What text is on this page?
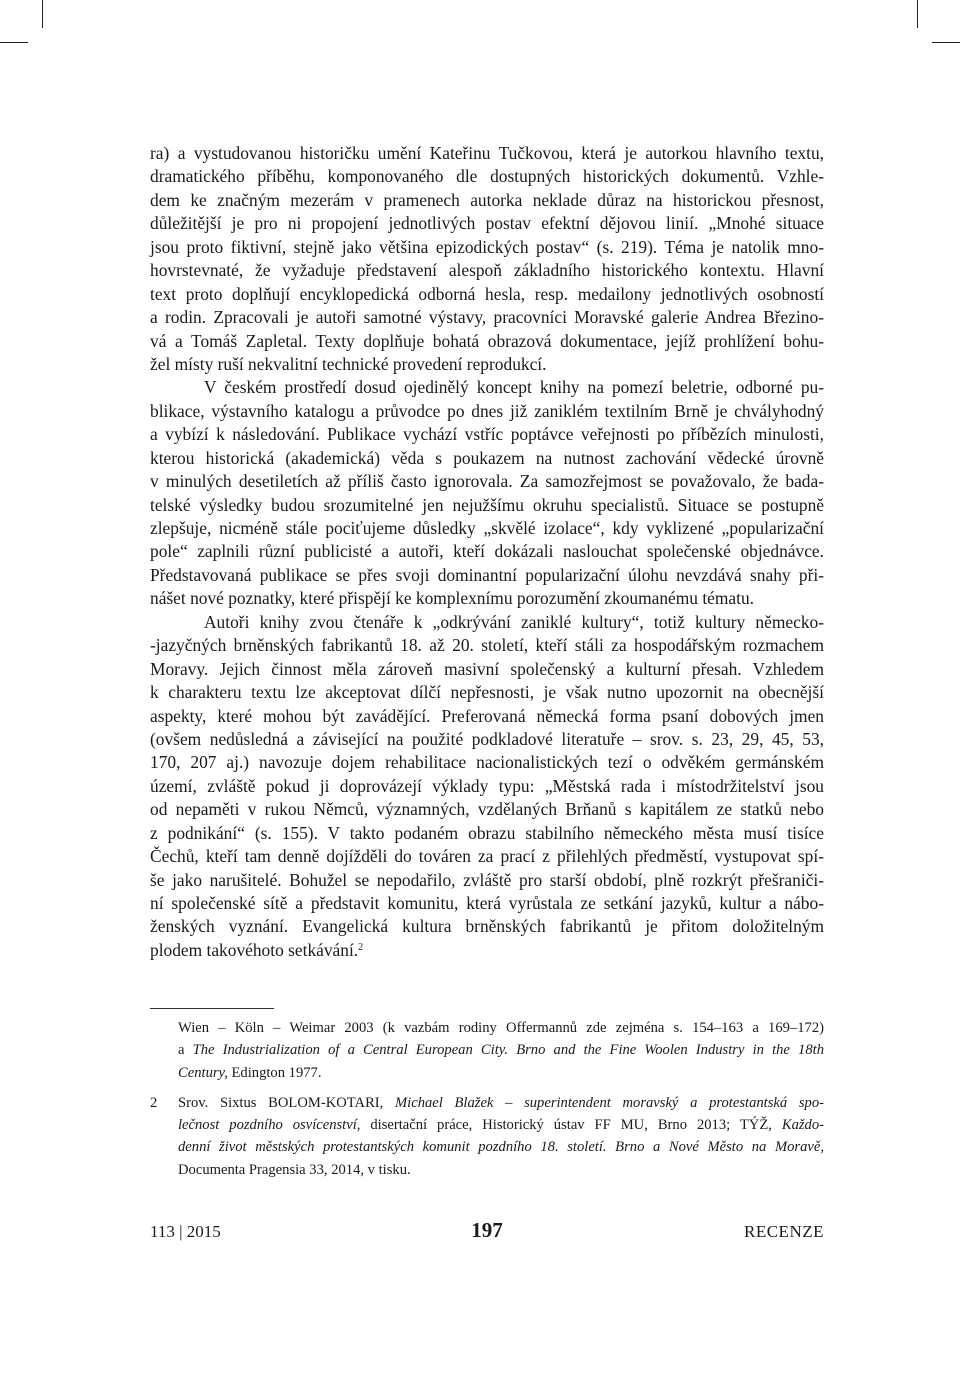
ra) a vystudovanou historičku umění Kateřinu Tučkovou, která je autorkou hlavního textu,
dramatického příběhu, komponovaného dle dostupných historických dokumentů. Vzhle-
dem ke značným mezerám v pramenech autorka neklade důraz na historickou přesnost,
důležitější je pro ni propojení jednotlivých postav efektní dějovou linií. „Mnohé situace
jsou proto fiktivní, stejně jako většina epizodických postav“ (s. 219). Téma je natolik mno-
hovrstevnaté, že vyžaduje představení alespoň základního historického kontextu. Hlavní
text proto doplňují encyklopedická odborná hesla, resp. medailony jednotlivých osobností
a rodin. Zpracovali je autoři samotné výstavy, pracovníci Moravské galerie Andrea Březino-
vá a Tomáš Zapletal. Texty doplňuje bohatá obrazová dokumentace, jejíž prohlížení bohu-
žel místy ruší nekvalitní technické provedení reprodukcí.
V českém prostředí dosud ojedinělý koncept knihy na pomezí beletrie, odborné pu-
blikace, výstavního katalogu a průvodce po dnes již zaniklém textilním Brně je chvályhodný
a vybízí k následování. Publikace vychází vstříc poptávce veřejnosti po příbězích minulosti,
kterou historická (akademická) věda s poukazem na nutnost zachování vědecké úrovně
v minulých desetiletích až příliš často ignorovala. Za samozřejmost se považovalo, že bada-
telské výsledky budou srozumitelné jen nejužšímu okruhu specialistů. Situace se postupně
zlepšuje, nicméně stále pociťujeme důsledky „skvělé izolace“, kdy vyklizené „popularizační
pole“ zaplnili různí publicisté a autoři, kteří dokázali naslouchat společenské objednávce.
Představovaná publikace se přes svoji dominantní popularizační úlohu nevzdává snahy při-
nášet nové poznatky, které přispějí ke komplexnímu porozumění zkoumanému tématu.
Autoři knihy zvou čtenáře k „odkrývání zaniklé kultury“, totiž kultury německo-
-jazyčných brněnských fabrikantů 18. až 20. století, kteří stáli za hospodářským rozmachem
Moravy. Jejich činnost měla zároveň masivní společenský a kulturní přesah. Vzhledem
k charakteru textu lze akceptovat dílčí nepřesnosti, je však nutno upozornit na obecnější
aspekty, které mohou být zavádějící. Preferovaná německá forma psaní dobových jmen
(ovšem nedůsledná a závisející na použité podkladové literatuře – srov. s. 23, 29, 45, 53,
170, 207 aj.) navozuje dojem rehabilitace nacionalistických tezí o odvěkém germánském
území, zvláště pokud ji doprovázejí výklady typu: „Městská rada i místodržitelství jsou
od nepaměti v rukou Němců, významných, vzdělaných Brňanů s kapitálem ze statků nebo
z podnikání“ (s. 155). V takto podaném obrazu stabilního německého města musí tisíce
Čechů, kteří tam denně dojížděli do továren za prací z přilehlých předměstí, vystupovat spí-
še jako narušitelé. Bohužel se nepodařilo, zvláště pro starší období, plně rozkrýt přešraniči-
ní společenské sítě a představit komunitu, která vyrůstala ze setkání jazyků, kultur a nábo-
ženských vyznání. Evangelická kultura brněnských fabrikantů je přitom doložitelným
plodem takovéhoto setkávání.$^2$
Wien – Köln – Weimar 2003 (k vazbám rodiny Offermannů zde zejména s. 154–163 a 169–172)
a The Industrialization of a Central European City. Brno and the Fine Woolen Industry in the 18th
Century, Edington 1977.
2 Srov. Sixtus BOLOM-KOTARI, Michael Blažek – superintendent moravský a protestantská spo-
lečnost pozdního osvícenství, disertační práce, Historický ústav FF MU, Brno 2013; TÝŽ, Každo-
denní život městských protestantských komunit pozdního 18. století. Brno a Nové Město na Moravě,
Documenta Pragensia 33, 2014, v tisku.
113 | 2015	197	RECENZE
